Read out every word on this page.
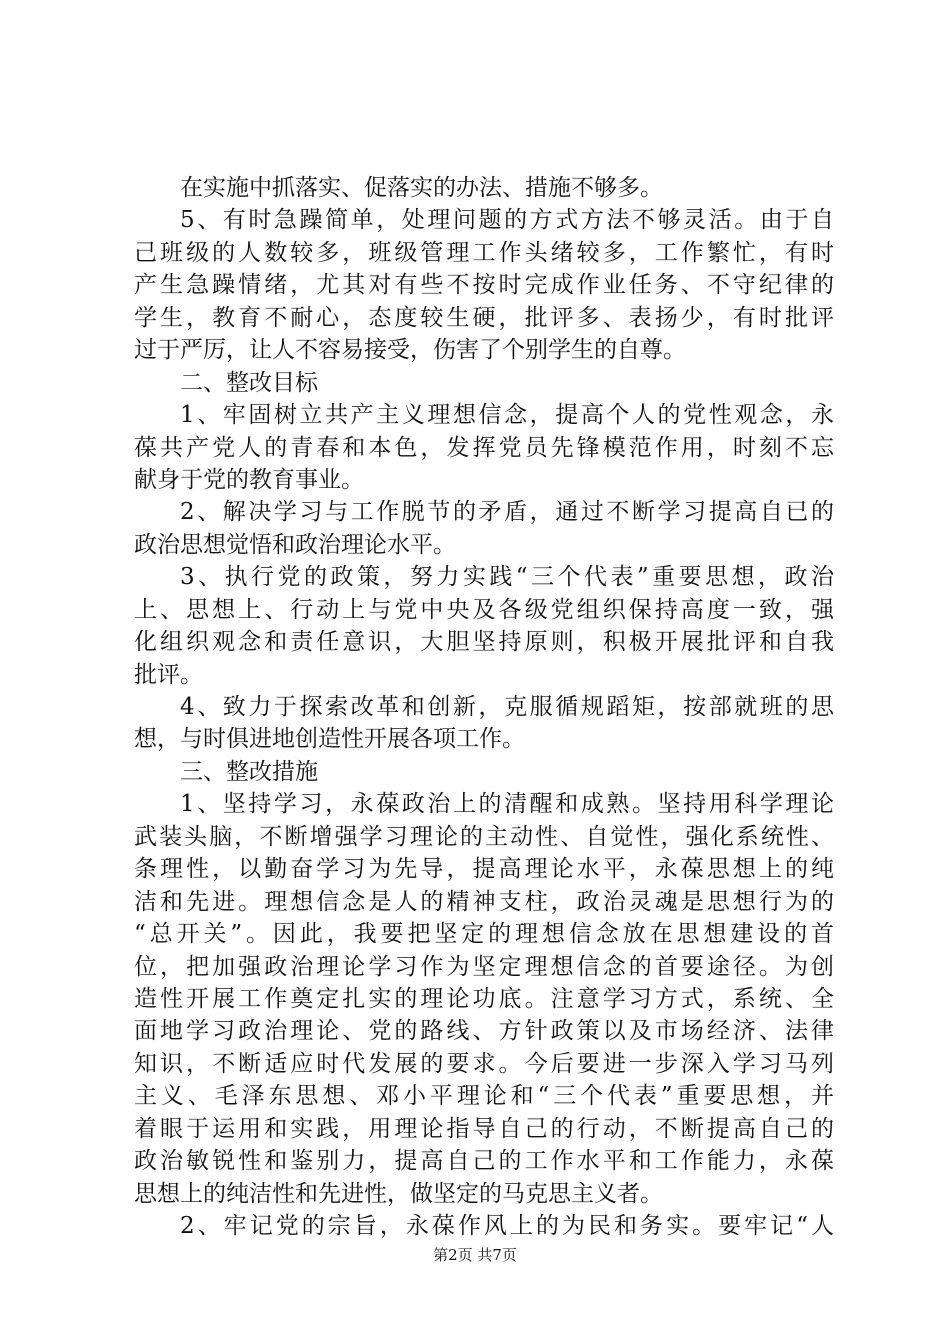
在实施中抓落实、促落实的办法、措施不够多。
5、有时急躁简单，处理问题的方式方法不够灵活。由于自
己班级的人数较多，班级管理工作头绪较多，工作繁忙，有时
产生急躁情绪，尤其对有些不按时完成作业任务、不守纪律的
学生，教育不耐心，态度较生硬，批评多、表扬少，有时批评
过于严厉，让人不容易接受，伤害了个别学生的自尊。
二、整改目标
1、牢固树立共产主义理想信念，提高个人的党性观念，永
葆共产党人的青春和本色，发挥党员先锋模范作用，时刻不忘
献身于党的教育事业。
2、解决学习与工作脱节的矛盾，通过不断学习提高自已的
政治思想觉悟和政治理论水平。
3、执行党的政策，努力实践“三个代表”重要思想，政治
上、思想上、行动上与党中央及各级党组织保持高度一致，强
化组织观念和责任意识，大胆坚持原则，积极开展批评和自我
批评。
4、致力于探索改革和创新，克服循规蹈矩，按部就班的思
想，与时俱进地创造性开展各项工作。
三、整改措施
1、坚持学习，永葆政治上的清醒和成熟。坚持用科学理论
武装头脑，不断增强学习理论的主动性、自觉性，强化系统性、
条理性，以勤奋学习为先导，提高理论水平，永葆思想上的纯
洁和先进。理想信念是人的精神支柱，政治灵魂是思想行为的
“总开关”。因此，我要把坚定的理想信念放在思想建设的首
位，把加强政治理论学习作为坚定理想信念的首要途径。为创
造性开展工作奠定扎实的理论功底。注意学习方式，系统、全
面地学习政治理论、党的路线、方针政策以及市场经济、法律
知识，不断适应时代发展的要求。今后要进一步深入学习马列
主义、毛泽东思想、邓小平理论和“三个代表”重要思想，并
着眼于运用和实践，用理论指导自己的行动，不断提高自己的
政治敏锐性和鉴别力，提高自己的工作水平和工作能力，永葆
思想上的纯洁性和先进性，做坚定的马克思主义者。
2、牢记党的宗旨，永葆作风上的为民和务实。要牢记“人
第2页 共7页
